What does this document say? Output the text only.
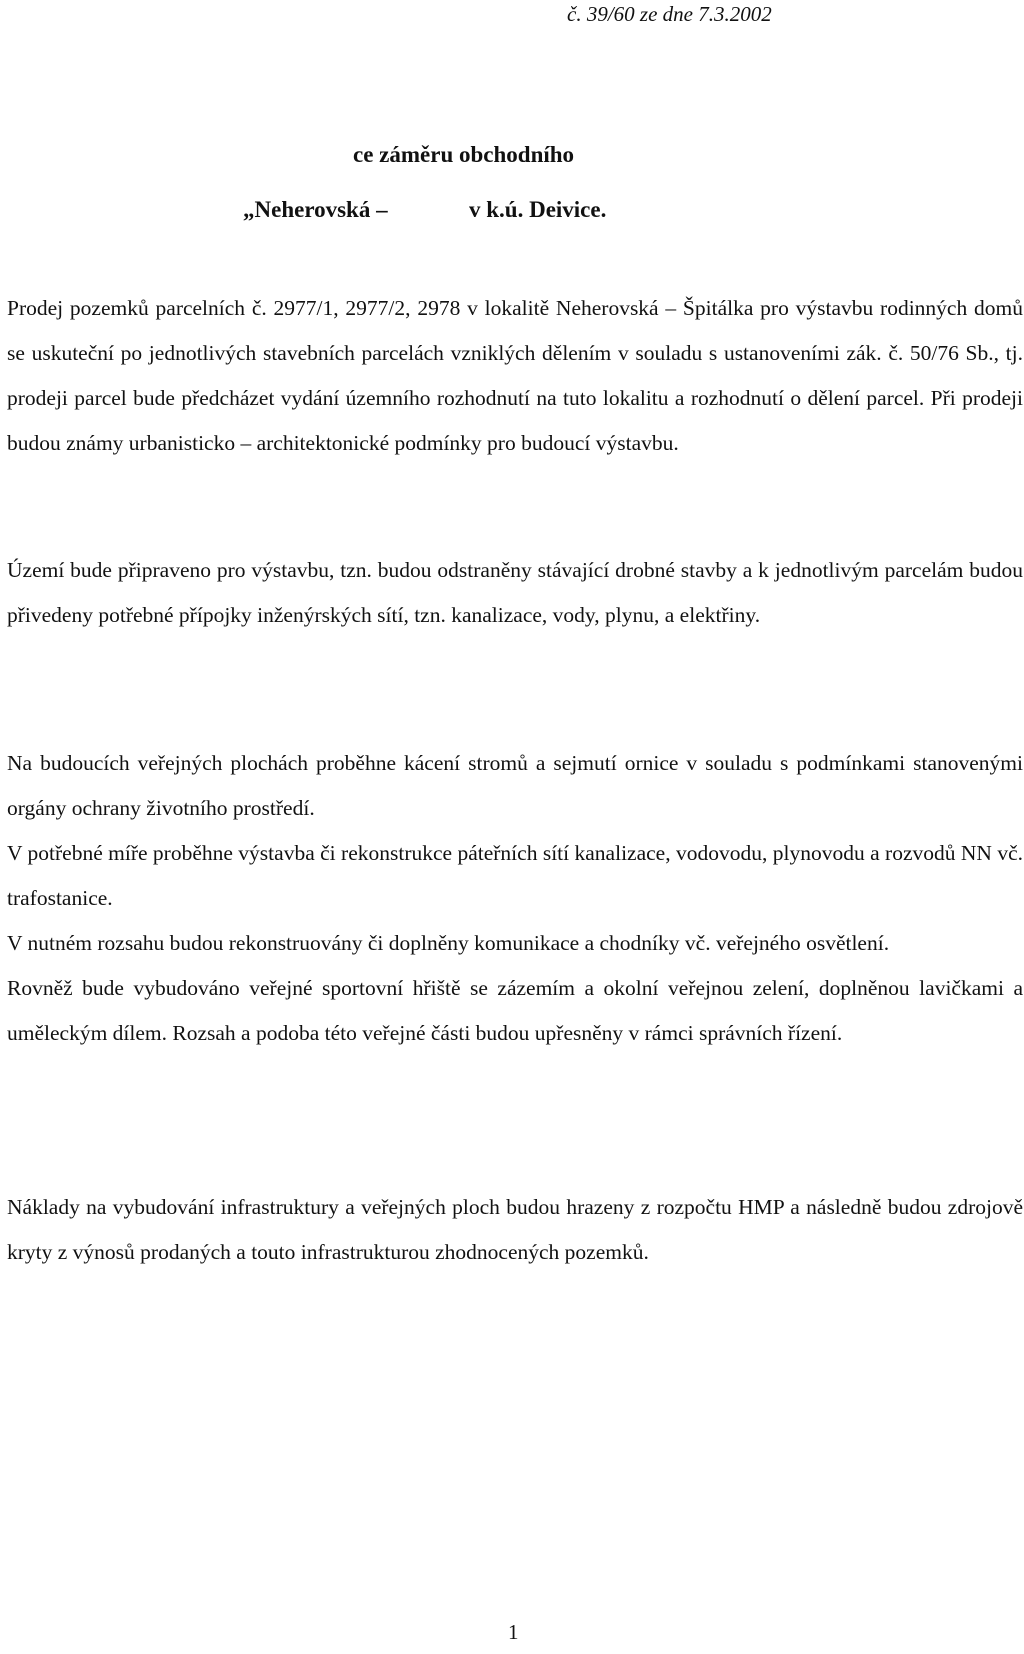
č. 39/60 ze dne 7.3.2002
ce záměru obchodního
„Neherovská –	v k.ú. Deivice.

Prodej pozemků parcelních č. 2977/1, 2977/2, 2978 v lokalitě Neherovská – Špitálka pro výstavbu rodinných domů se uskuteční po jednotlivých stavebních parcelách vzniklých dělením v souladu s ustanoveními zák. č. 50/76 Sb., tj. prodeji parcel bude předcházet vydání územního rozhodnutí na tuto lokalitu a rozhodnutí o dělení parcel. Při prodeji budou známy urbanisticko – architektonické podmínky pro budoucí výstavbu.

Území bude připraveno pro výstavbu, tzn. budou odstraněny stávající drobné stavby a k jednotlivým parcelám budou přivedeny potřebné přípojky inženýrských sítí, tzn. kanalizace, vody, plynu, a elektřiny.

Na budoucích veřejných plochách proběhne kácení stromů a sejmutí ornice v souladu s podmínkami stanovenými orgány ochrany životního prostředí.

V potřebné míře proběhne výstavba či rekonstrukce páteřních sítí kanalizace, vodovodu, plynovodu a rozvodů NN vč. trafostanice.

V nutném rozsahu budou rekonstruovány či doplněny komunikace a chodníky vč. veřejného osvětlení.

Rovněž bude vybudováno veřejné sportovní hřiště se zázemím a okolní veřejnou zelení, doplněnou lavičkami a uměleckým dílem. Rozsah a podoba této veřejné části budou upřesněny v rámci správních řízení.

Náklady na vybudování infrastruktury a veřejných ploch budou hrazeny z rozpočtu HMP a následně budou zdrojově kryty z výnosů prodaných a touto infrastrukturou zhodnocených pozemků.

1
